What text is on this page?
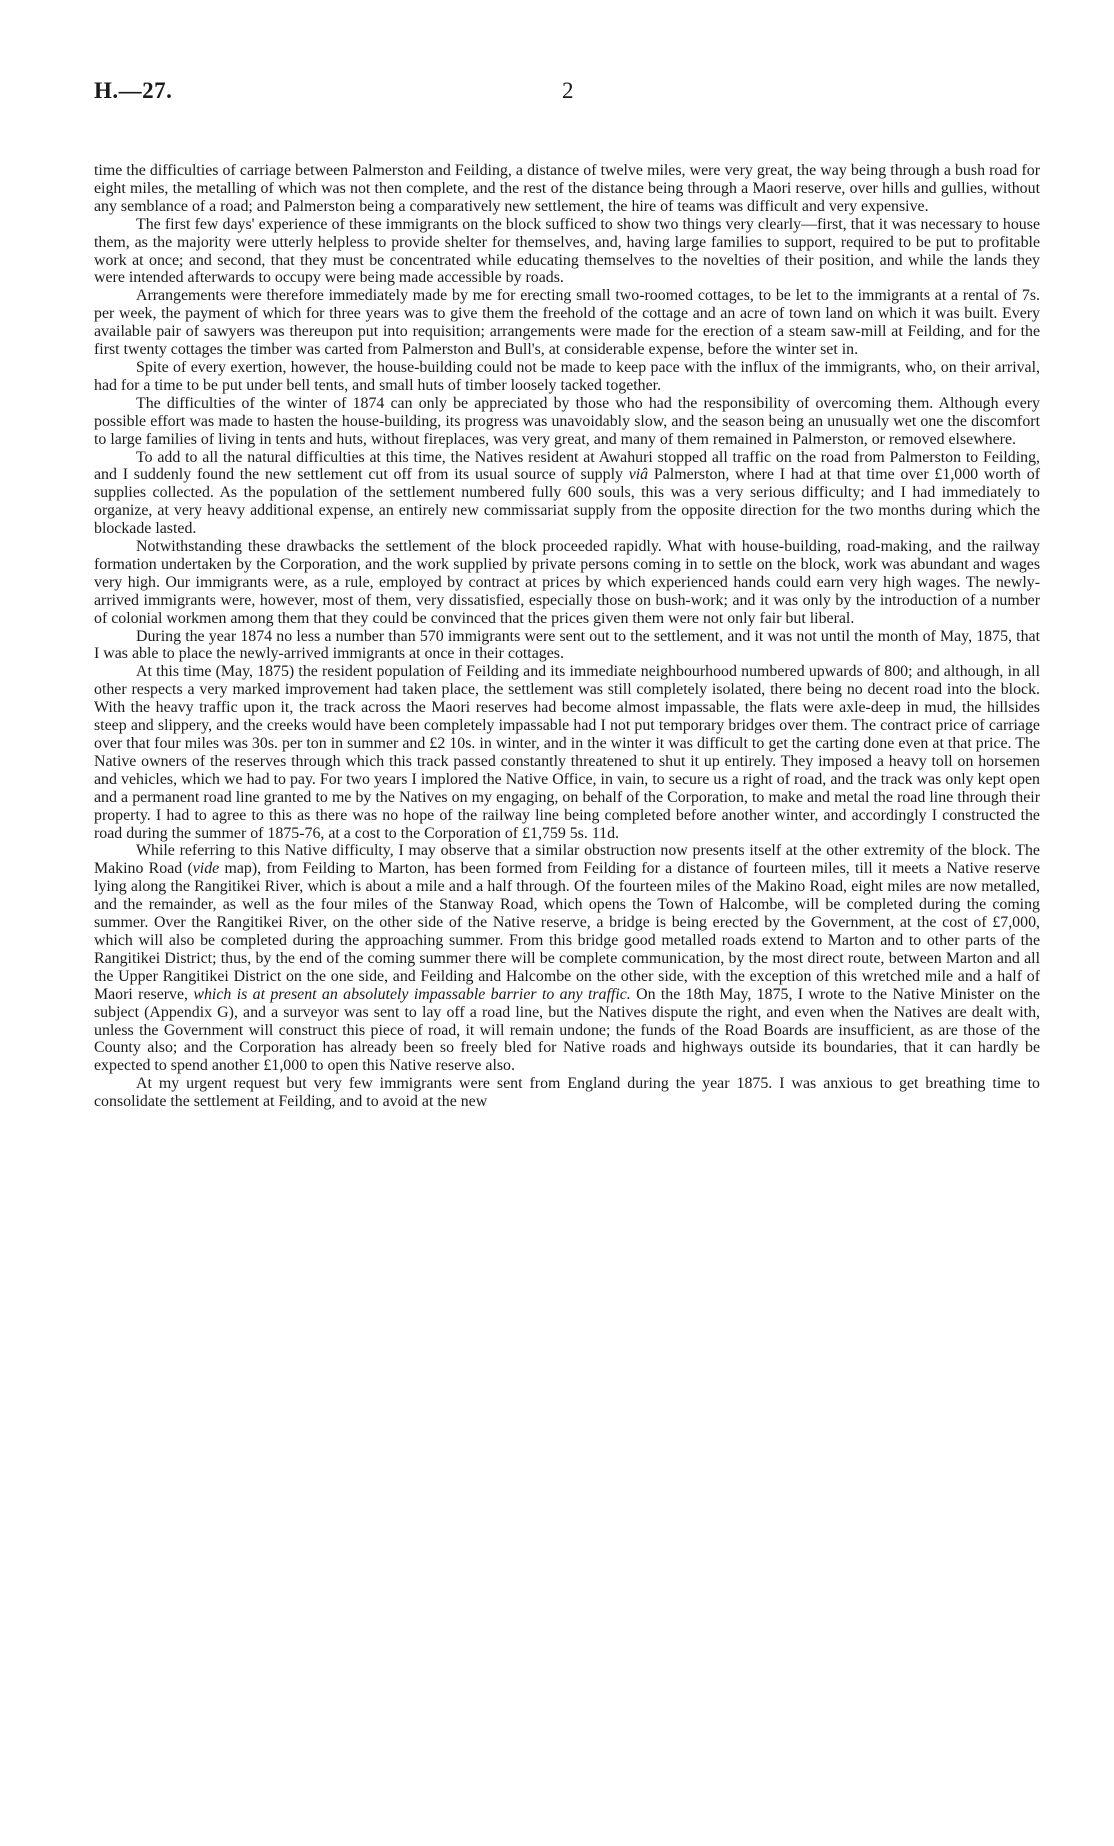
H.—27.	2

time the difficulties of carriage between Palmerston and Feilding, a distance of twelve miles, were very great, the way being through a bush road for eight miles, the metalling of which was not then complete, and the rest of the distance being through a Maori reserve, over hills and gullies, without any semblance of a road; and Palmerston being a comparatively new settlement, the hire of teams was difficult and very expensive.

The first few days' experience of these immigrants on the block sufficed to show two things very clearly—first, that it was necessary to house them, as the majority were utterly helpless to provide shelter for themselves, and, having large families to support, required to be put to profitable work at once; and second, that they must be concentrated while educating themselves to the novelties of their position, and while the lands they were intended afterwards to occupy were being made accessible by roads.

Arrangements were therefore immediately made by me for erecting small two-roomed cottages, to be let to the immigrants at a rental of 7s. per week, the payment of which for three years was to give them the freehold of the cottage and an acre of town land on which it was built. Every available pair of sawyers was thereupon put into requisition; arrangements were made for the erection of a steam saw-mill at Feilding, and for the first twenty cottages the timber was carted from Palmerston and Bull's, at considerable expense, before the winter set in.

Spite of every exertion, however, the house-building could not be made to keep pace with the influx of the immigrants, who, on their arrival, had for a time to be put under bell tents, and small huts of timber loosely tacked together.

The difficulties of the winter of 1874 can only be appreciated by those who had the responsibility of overcoming them. Although every possible effort was made to hasten the house-building, its progress was unavoidably slow, and the season being an unusually wet one the discomfort to large families of living in tents and huts, without fireplaces, was very great, and many of them remained in Palmerston, or removed elsewhere.

To add to all the natural difficulties at this time, the Natives resident at Awahuri stopped all traffic on the road from Palmerston to Feilding, and I suddenly found the new settlement cut off from its usual source of supply viâ Palmerston, where I had at that time over £1,000 worth of supplies collected. As the population of the settlement numbered fully 600 souls, this was a very serious difficulty; and I had immediately to organize, at very heavy additional expense, an entirely new commissariat supply from the opposite direction for the two months during which the blockade lasted.

Notwithstanding these drawbacks the settlement of the block proceeded rapidly. What with house-building, road-making, and the railway formation undertaken by the Corporation, and the work supplied by private persons coming in to settle on the block, work was abundant and wages very high. Our immigrants were, as a rule, employed by contract at prices by which experienced hands could earn very high wages. The newly-arrived immigrants were, however, most of them, very dissatisfied, especially those on bush-work; and it was only by the introduction of a number of colonial workmen among them that they could be convinced that the prices given them were not only fair but liberal.

During the year 1874 no less a number than 570 immigrants were sent out to the settlement, and it was not until the month of May, 1875, that I was able to place the newly-arrived immigrants at once in their cottages.

At this time (May, 1875) the resident population of Feilding and its immediate neighbourhood numbered upwards of 800; and although, in all other respects a very marked improvement had taken place, the settlement was still completely isolated, there being no decent road into the block. With the heavy traffic upon it, the track across the Maori reserves had become almost impassable, the flats were axle-deep in mud, the hillsides steep and slippery, and the creeks would have been completely impassable had I not put temporary bridges over them. The contract price of carriage over that four miles was 30s. per ton in summer and £2 10s. in winter, and in the winter it was difficult to get the carting done even at that price. The Native owners of the reserves through which this track passed constantly threatened to shut it up entirely. They imposed a heavy toll on horsemen and vehicles, which we had to pay. For two years I implored the Native Office, in vain, to secure us a right of road, and the track was only kept open and a permanent road line granted to me by the Natives on my engaging, on behalf of the Corporation, to make and metal the road line through their property. I had to agree to this as there was no hope of the railway line being completed before another winter, and accordingly I constructed the road during the summer of 1875-76, at a cost to the Corporation of £1,759 5s. 11d.

While referring to this Native difficulty, I may observe that a similar obstruction now presents itself at the other extremity of the block. The Makino Road (vide map), from Feilding to Marton, has been formed from Feilding for a distance of fourteen miles, till it meets a Native reserve lying along the Rangitikei River, which is about a mile and a half through. Of the fourteen miles of the Makino Road, eight miles are now metalled, and the remainder, as well as the four miles of the Stanway Road, which opens the Town of Halcombe, will be completed during the coming summer. Over the Rangitikei River, on the other side of the Native reserve, a bridge is being erected by the Government, at the cost of £7,000, which will also be completed during the approaching summer. From this bridge good metalled roads extend to Marton and to other parts of the Rangitikei District; thus, by the end of the coming summer there will be complete communication, by the most direct route, between Marton and all the Upper Rangitikei District on the one side, and Feilding and Halcombe on the other side, with the exception of this wretched mile and a half of Maori reserve, which is at present an absolutely impassable barrier to any traffic. On the 18th May, 1875, I wrote to the Native Minister on the subject (Appendix G), and a surveyor was sent to lay off a road line, but the Natives dispute the right, and even when the Natives are dealt with, unless the Government will construct this piece of road, it will remain undone; the funds of the Road Boards are insufficient, as are those of the County also; and the Corporation has already been so freely bled for Native roads and highways outside its boundaries, that it can hardly be expected to spend another £1,000 to open this Native reserve also.

At my urgent request but very few immigrants were sent from England during the year 1875. I was anxious to get breathing time to consolidate the settlement at Feilding, and to avoid at the new
